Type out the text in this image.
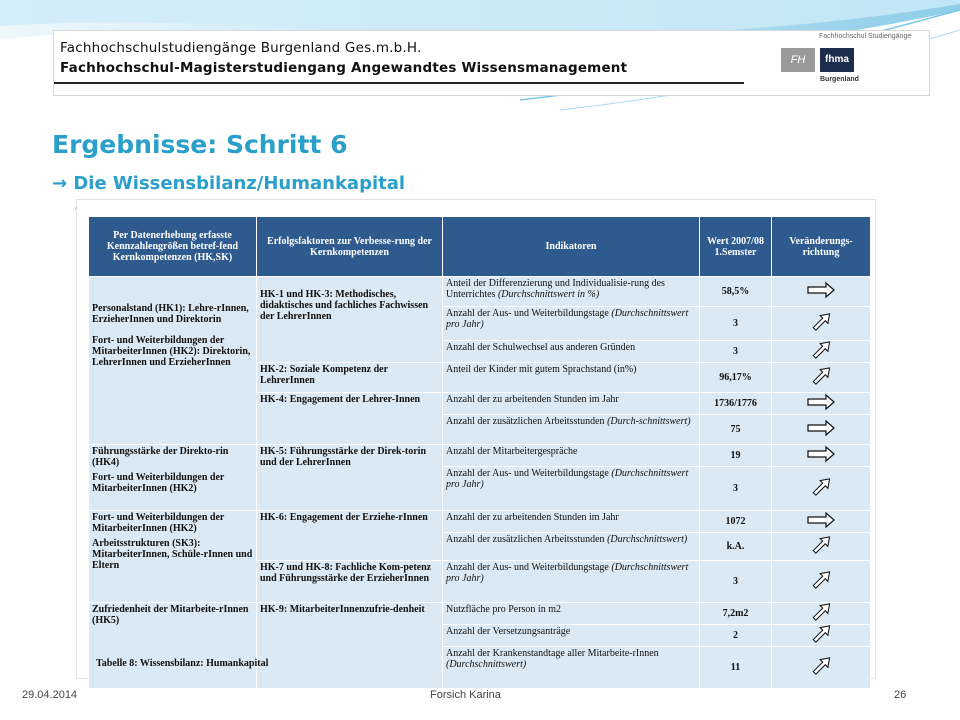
Fachhochschulstudiengänge Burgenland Ges.m.b.H.
Fachhochschul-Magisterstudiengang Angewandtes Wissensmanagement
Fachhochschul Studiengänge
FH	fhma
Burgenland
Ergebnisse: Schritt 6
→ Die Wissensbilanz/Humankapital
Per Datenerhebung erfasste Kennzahlengrößen betref-fend Kernkompetenzen (HK,SK)	Erfolgsfaktoren zur Verbesse-rung der Kernkompetenzen	Indikatoren	Wert 2007/08 1.Semster	Veränderungs-richtung

Personalstand (HK1): Lehre-rInnen, ErzieherInnen und Direktorin

Fort- und Weiterbildungen der MitarbeiterInnen (HK2): Direktorin, LehrerInnen und ErzieherInnen	HK-1 und HK-3: Methodisches, didaktisches und fachliches Fachwissen der LehrerInnen	Anteil der Differenzierung und Individualisie-rung des Unterrichtes (Durchschnittswert in %)	58,5%	
		Anzahl der Aus- und Weiterbildungstage (Durchschnittswert pro Jahr)	3	
		Anzahl der Schulwechsel aus anderen Gründen	3	
	HK-2: Soziale Kompetenz der LehrerInnen	Anteil der Kinder mit gutem Sprachstand (in%)	96,17%	
	HK-4: Engagement der Lehrer-Innen	Anzahl der zu arbeitenden Stunden im Jahr	1736/1776	
		Anzahl der zusätzlichen Arbeitsstunden (Durch-schnittswert)	75	

Führungsstärke der Direkto-rin (HK4)

Fort- und Weiterbildungen der MitarbeiterInnen (HK2)	HK-5: Führungsstärke der Direk-torin und der LehrerInnen	Anzahl der Mitarbeitergespräche	19	
		Anzahl der Aus- und Weiterbildungstage (Durchschnittswert pro Jahr)	3	

Fort- und Weiterbildungen der MitarbeiterInnen (HK2)

Arbeitsstrukturen (SK3): MitarbeiterInnen, Schüle-rInnen und Eltern	HK-6: Engagement der Erziehe-rInnen	Anzahl der zu arbeitenden Stunden im Jahr	1072	
		Anzahl der zusätzlichen Arbeitsstunden (Durchschnittswert)	k.A.	
	HK-7 und HK-8: Fachliche Kom-petenz und Führungsstärke der ErzieherInnen	Anzahl der Aus- und Weiterbildungstage (Durchschnittswert pro Jahr)	3	
Zufriedenheit der Mitarbeite-rInnen (HK5)	HK-9: MitarbeiterInnenzufrie-denheit	Nutzfläche pro Person in m2	7,2m2	
		Anzahl der Versetzungsanträge	2	
		Anzahl der Krankenstandtage aller Mitarbeite-rInnen (Durchschnittswert)	11	
Tabelle 8: Wissensbilanz: Humankapital
29.04.2014	Forsich Karina	26
